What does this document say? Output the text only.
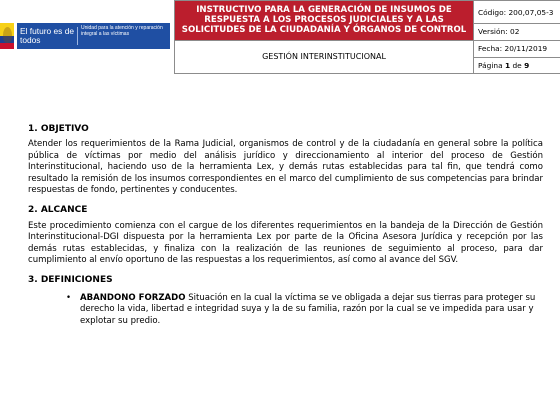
El futuro es de todos
Unidad para la atención y reparación integral a las víctimas	INSTRUCTIVO PARA LA GENERACIÓN DE INSUMOS DE RESPUESTA A LOS PROCESOS JUDICIALES Y A LAS SOLICITUDES DE LA CIUDADANÍA Y ÓRGANOS DE CONTROL	Código: 200,07,05-3
		Versión: 02
	GESTIÓN INTERINSTITUCIONAL	Fecha: 20/11/2019
		Página 1 de 9
1. OBJETIVO

Atender los requerimientos de la Rama Judicial, organismos de control y de la ciudadanía en general sobre la política pública de víctimas por medio del análisis jurídico y direccionamiento al interior del proceso de Gestión Interinstitucional, haciendo uso de la herramienta Lex, y demás rutas establecidas para tal fin, que tendrá como resultado la remisión de los insumos correspondientes en el marco del cumplimiento de sus competencias para brindar respuestas de fondo, pertinentes y conducentes.

2. ALCANCE

Este procedimiento comienza con el cargue de los diferentes requerimientos en la bandeja de la Dirección de Gestión Interinstitucional-DGI dispuesta por la herramienta Lex por parte de la Oficina Asesora Jurídica y recepción por las demás rutas establecidas, y finaliza con la realización de las reuniones de seguimiento al proceso, para dar cumplimiento al envío oportuno de las respuestas a los requerimientos, así como al avance del SGV.

3. DEFINICIONES
• ABANDONO FORZADO Situación en la cual la víctima se ve obligada a dejar sus tierras para proteger su derecho la vida, libertad e integridad suya y la de su familia, razón por la cual se ve impedida para usar y explotar su predio.
